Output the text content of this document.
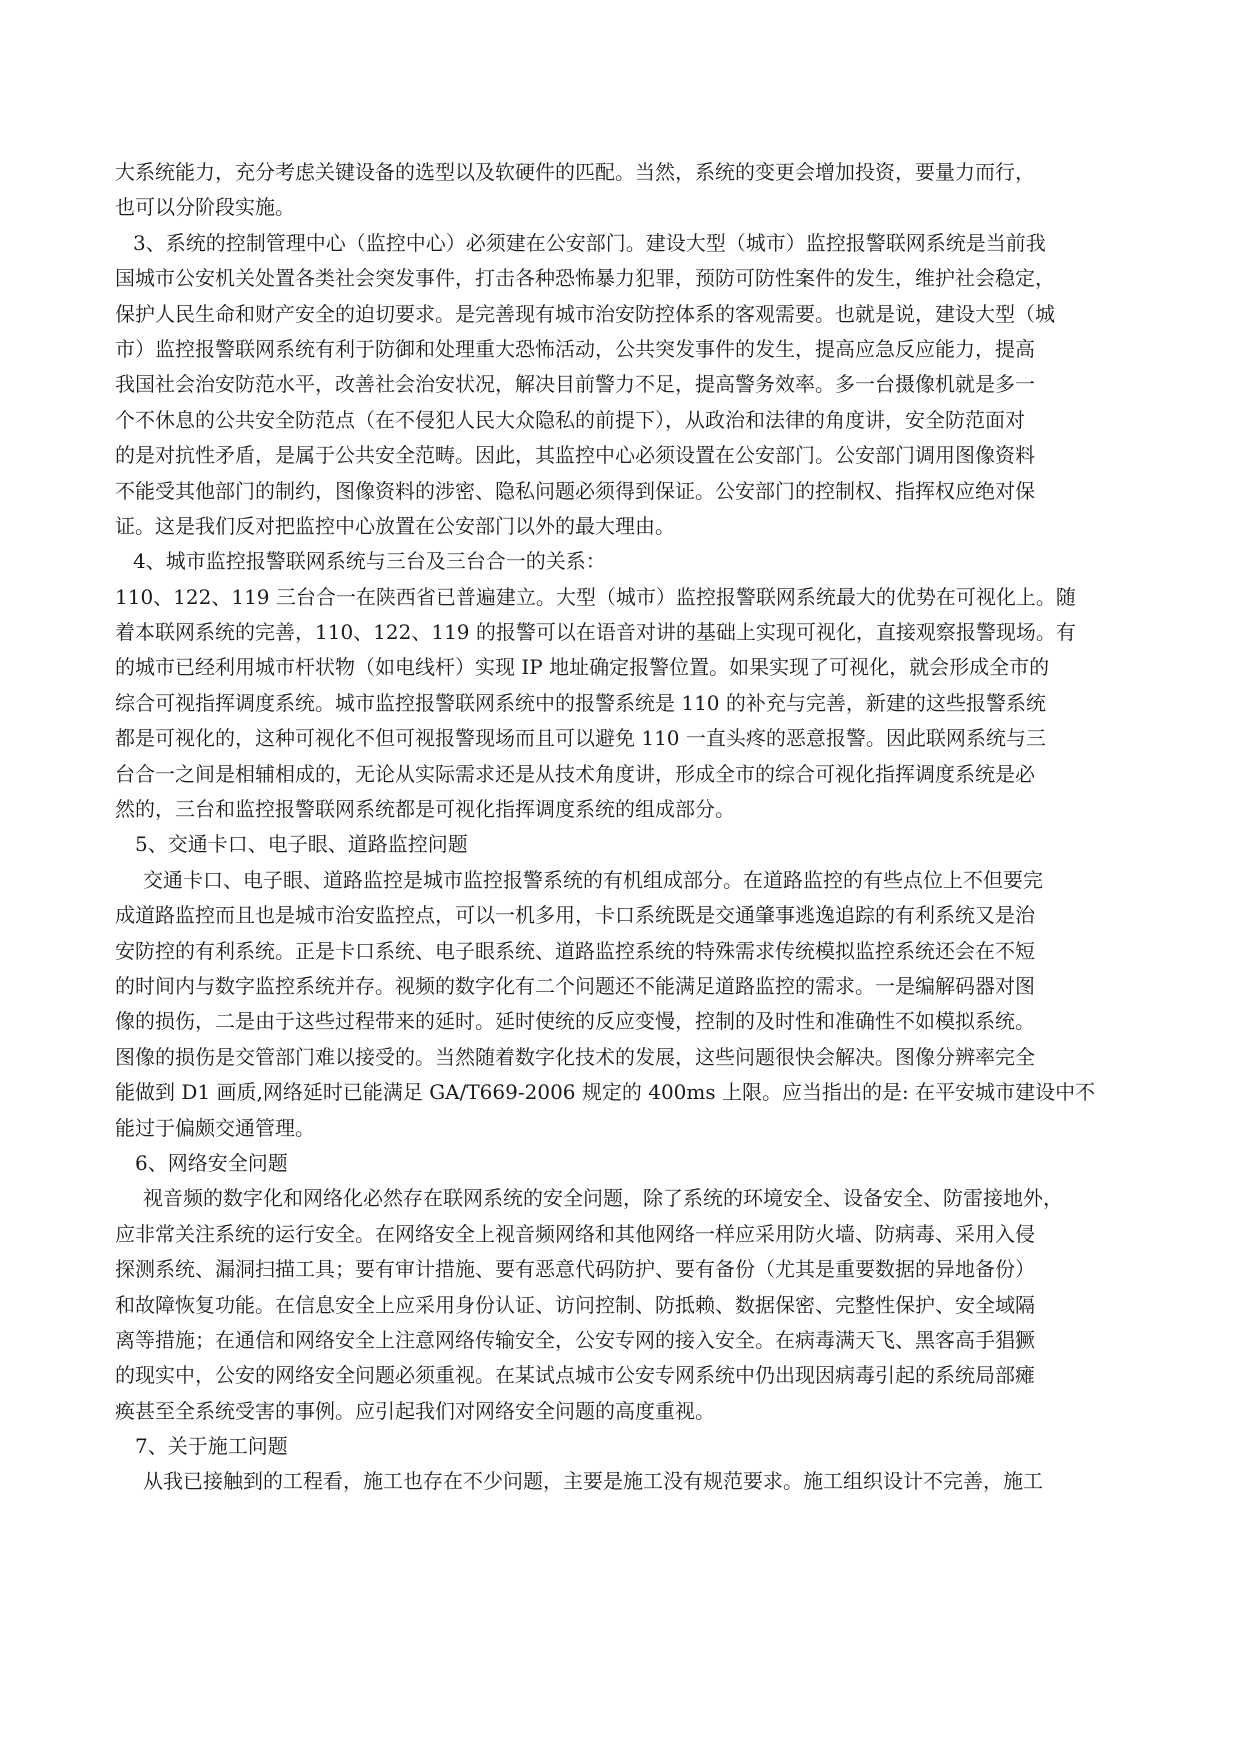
大系统能力，充分考虑关键设备的选型以及软硬件的匹配。当然，系统的变更会增加投资，要量力而行，
也可以分阶段实施。
3、系统的控制管理中心（监控中心）必须建在公安部门。建设大型（城市）监控报警联网系统是当前我
国城市公安机关处置各类社会突发事件，打击各种恐怖暴力犯罪，预防可防性案件的发生，维护社会稳定，
保护人民生命和财产安全的迫切要求。是完善现有城市治安防控体系的客观需要。也就是说，建设大型（城
市）监控报警联网系统有利于防御和处理重大恐怖活动，公共突发事件的发生，提高应急反应能力，提高
我国社会治安防范水平，改善社会治安状况，解决目前警力不足，提高警务效率。多一台摄像机就是多一
个不休息的公共安全防范点（在不侵犯人民大众隐私的前提下），从政治和法律的角度讲，安全防范面对
的是对抗性矛盾，是属于公共安全范畴。因此，其监控中心必须设置在公安部门。公安部门调用图像资料
不能受其他部门的制约，图像资料的涉密、隐私问题必须得到保证。公安部门的控制权、指挥权应绝对保
证。这是我们反对把监控中心放置在公安部门以外的最大理由。
4、城市监控报警联网系统与三台及三台合一的关系：
110、122、119 三台合一在陕西省已普遍建立。大型（城市）监控报警联网系统最大的优势在可视化上。随
着本联网系统的完善，110、122、119 的报警可以在语音对讲的基础上实现可视化，直接观察报警现场。有
的城市已经利用城市杆状物（如电线杆）实现 IP 地址确定报警位置。如果实现了可视化，就会形成全市的
综合可视指挥调度系统。城市监控报警联网系统中的报警系统是 110 的补充与完善，新建的这些报警系统
都是可视化的，这种可视化不但可视报警现场而且可以避免 110 一直头疼的恶意报警。因此联网系统与三
台合一之间是相辅相成的，无论从实际需求还是从技术角度讲，形成全市的综合可视化指挥调度系统是必
然的，三台和监控报警联网系统都是可视化指挥调度系统的组成部分。
5、交通卡口、电子眼、道路监控问题
交通卡口、电子眼、道路监控是城市监控报警系统的有机组成部分。在道路监控的有些点位上不但要完
成道路监控而且也是城市治安监控点，可以一机多用，卡口系统既是交通肇事逃逸追踪的有利系统又是治
安防控的有利系统。正是卡口系统、电子眼系统、道路监控系统的特殊需求传统模拟监控系统还会在不短
的时间内与数字监控系统并存。视频的数字化有二个问题还不能满足道路监控的需求。一是编解码器对图
像的损伤，二是由于这些过程带来的延时。延时使统的反应变慢，控制的及时性和准确性不如模拟系统。
图像的损伤是交管部门难以接受的。当然随着数字化技术的发展，这些问题很快会解决。图像分辨率完全
能做到 D1 画质,网络延时已能满足 GA/T669-2006 规定的 400ms 上限。应当指出的是: 在平安城市建设中不
能过于偏颇交通管理。
6、网络安全问题
视音频的数字化和网络化必然存在联网系统的安全问题，除了系统的环境安全、设备安全、防雷接地外，
应非常关注系统的运行安全。在网络安全上视音频网络和其他网络一样应采用防火墙、防病毒、采用入侵
探测系统、漏洞扫描工具；要有审计措施、要有恶意代码防护、要有备份（尤其是重要数据的异地备份）
和故障恢复功能。在信息安全上应采用身份认证、访问控制、防抵赖、数据保密、完整性保护、安全域隔
离等措施；在通信和网络安全上注意网络传输安全，公安专网的接入安全。在病毒满天飞、黑客高手猖獗
的现实中，公安的网络安全问题必须重视。在某试点城市公安专网系统中仍出现因病毒引起的系统局部瘫
痪甚至全系统受害的事例。应引起我们对网络安全问题的高度重视。
7、关于施工问题
从我已接触到的工程看，施工也存在不少问题，主要是施工没有规范要求。施工组织设计不完善，施工
